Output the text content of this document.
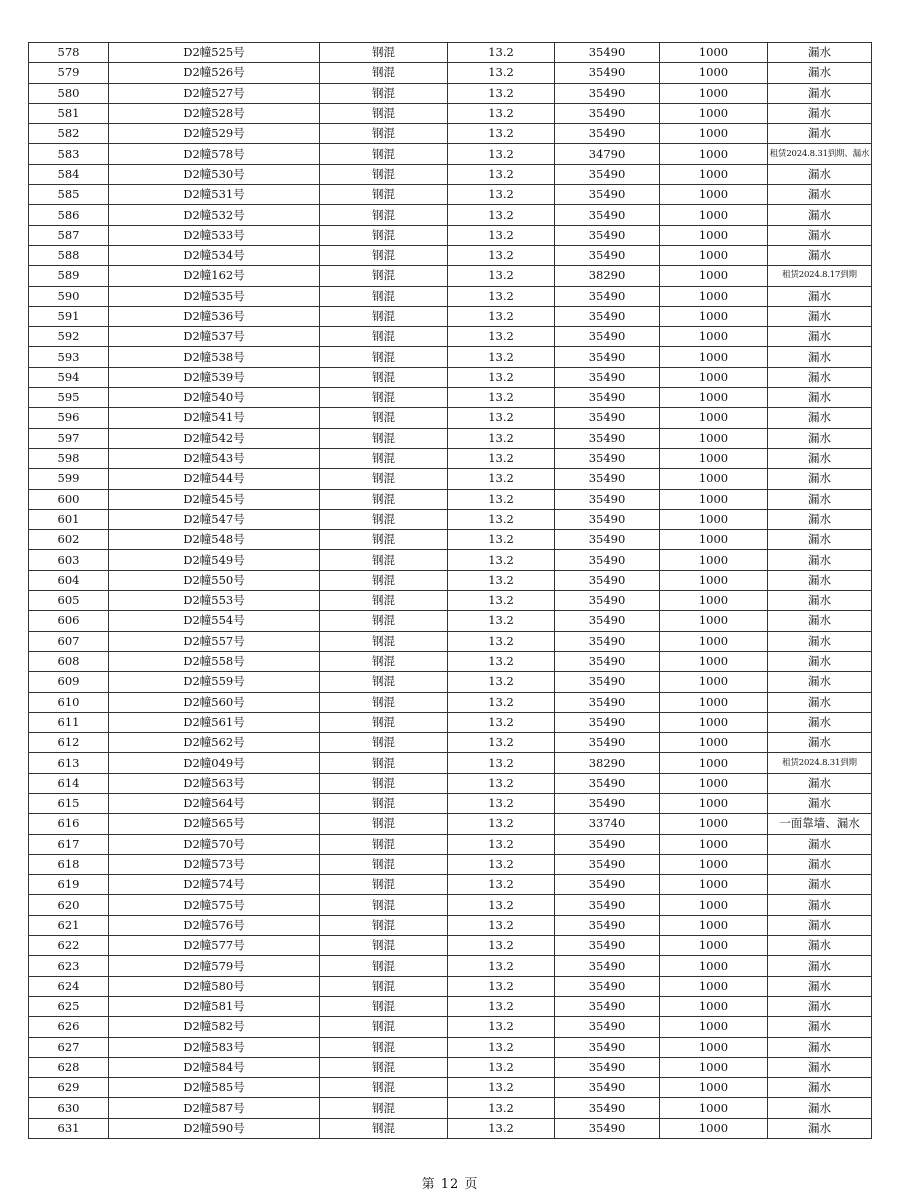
578	D2幢525号	钢混	13.2	35490	1000	漏水
579	D2幢526号	钢混	13.2	35490	1000	漏水
580	D2幢527号	钢混	13.2	35490	1000	漏水
581	D2幢528号	钢混	13.2	35490	1000	漏水
582	D2幢529号	钢混	13.2	35490	1000	漏水
583	D2幢578号	钢混	13.2	34790	1000	租赁2024.8.31到期、漏水
584	D2幢530号	钢混	13.2	35490	1000	漏水
585	D2幢531号	钢混	13.2	35490	1000	漏水
586	D2幢532号	钢混	13.2	35490	1000	漏水
587	D2幢533号	钢混	13.2	35490	1000	漏水
588	D2幢534号	钢混	13.2	35490	1000	漏水
589	D2幢162号	钢混	13.2	38290	1000	租赁2024.8.17到期
590	D2幢535号	钢混	13.2	35490	1000	漏水
591	D2幢536号	钢混	13.2	35490	1000	漏水
592	D2幢537号	钢混	13.2	35490	1000	漏水
593	D2幢538号	钢混	13.2	35490	1000	漏水
594	D2幢539号	钢混	13.2	35490	1000	漏水
595	D2幢540号	钢混	13.2	35490	1000	漏水
596	D2幢541号	钢混	13.2	35490	1000	漏水
597	D2幢542号	钢混	13.2	35490	1000	漏水
598	D2幢543号	钢混	13.2	35490	1000	漏水
599	D2幢544号	钢混	13.2	35490	1000	漏水
600	D2幢545号	钢混	13.2	35490	1000	漏水
601	D2幢547号	钢混	13.2	35490	1000	漏水
602	D2幢548号	钢混	13.2	35490	1000	漏水
603	D2幢549号	钢混	13.2	35490	1000	漏水
604	D2幢550号	钢混	13.2	35490	1000	漏水
605	D2幢553号	钢混	13.2	35490	1000	漏水
606	D2幢554号	钢混	13.2	35490	1000	漏水
607	D2幢557号	钢混	13.2	35490	1000	漏水
608	D2幢558号	钢混	13.2	35490	1000	漏水
609	D2幢559号	钢混	13.2	35490	1000	漏水
610	D2幢560号	钢混	13.2	35490	1000	漏水
611	D2幢561号	钢混	13.2	35490	1000	漏水
612	D2幢562号	钢混	13.2	35490	1000	漏水
613	D2幢049号	钢混	13.2	38290	1000	租赁2024.8.31到期
614	D2幢563号	钢混	13.2	35490	1000	漏水
615	D2幢564号	钢混	13.2	35490	1000	漏水
616	D2幢565号	钢混	13.2	33740	1000	一面靠墙、漏水
617	D2幢570号	钢混	13.2	35490	1000	漏水
618	D2幢573号	钢混	13.2	35490	1000	漏水
619	D2幢574号	钢混	13.2	35490	1000	漏水
620	D2幢575号	钢混	13.2	35490	1000	漏水
621	D2幢576号	钢混	13.2	35490	1000	漏水
622	D2幢577号	钢混	13.2	35490	1000	漏水
623	D2幢579号	钢混	13.2	35490	1000	漏水
624	D2幢580号	钢混	13.2	35490	1000	漏水
625	D2幢581号	钢混	13.2	35490	1000	漏水
626	D2幢582号	钢混	13.2	35490	1000	漏水
627	D2幢583号	钢混	13.2	35490	1000	漏水
628	D2幢584号	钢混	13.2	35490	1000	漏水
629	D2幢585号	钢混	13.2	35490	1000	漏水
630	D2幢587号	钢混	13.2	35490	1000	漏水
631	D2幢590号	钢混	13.2	35490	1000	漏水
第 12 页
